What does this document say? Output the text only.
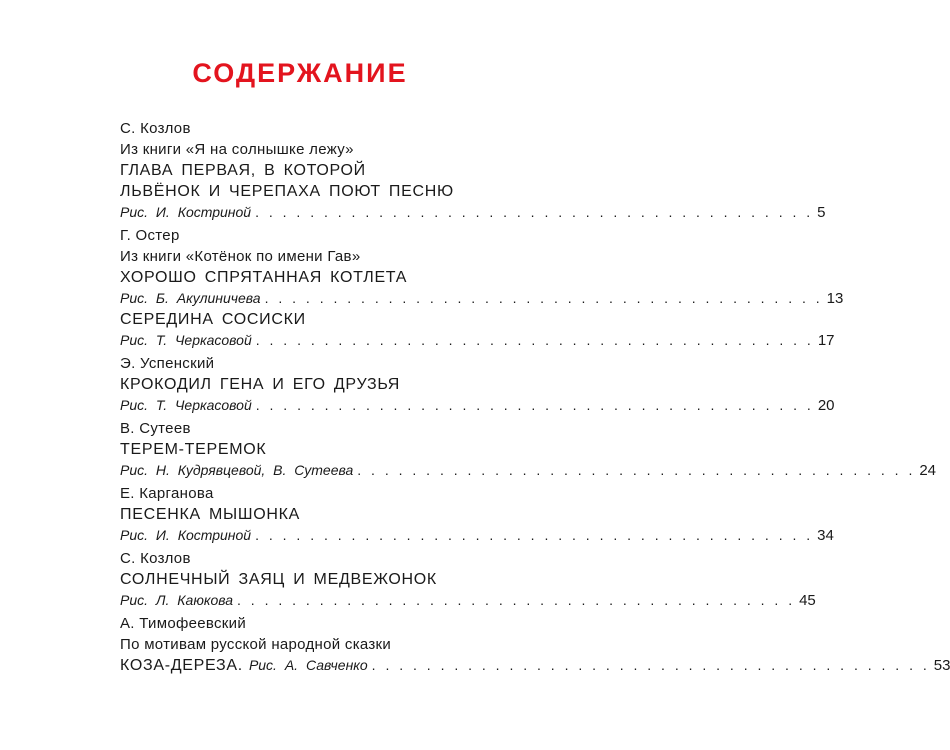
СОДЕРЖАНИЕ
С. Козлов
Из книги «Я на солнышке лежу»
ГЛАВА ПЕРВАЯ, В КОТОРОЙ
ЛЬВЁНОК И ЧЕРЕПАХА ПОЮТ ПЕСНЮ
Рис. И. Костриной . . . . . . . . . . . . . . . . . . . . . . . . . . . . . . . . . . . . . . . . . 5
Г. Остер
Из книги «Котёнок по имени Гав»
ХОРОШО СПРЯТАННАЯ КОТЛЕТА
Рис. Б. Акулиничева . . . . . . . . . . . . . . . . . . . . . . . . . . . . . . . . . . . . . . . . . 13
СЕРЕДИНА СОСИСКИ
Рис. Т. Черкасовой . . . . . . . . . . . . . . . . . . . . . . . . . . . . . . . . . . . . . . . . . 17
Э. Успенский
КРОКОДИЛ ГЕНА И ЕГО ДРУЗЬЯ
Рис. Т. Черкасовой . . . . . . . . . . . . . . . . . . . . . . . . . . . . . . . . . . . . . . . . . 20
В. Сутеев
ТЕРЕМ-ТЕРЕМОК
Рис. Н. Кудрявцевой, В. Сутеева . . . . . . . . . . . . . . . . . . . . . . . . . . . . . . . . . . . . . . . . . 24
Е. Карганова
ПЕСЕНКА МЫШОНКА
Рис. И. Костриной . . . . . . . . . . . . . . . . . . . . . . . . . . . . . . . . . . . . . . . . . 34
С. Козлов
СОЛНЕЧНЫЙ ЗАЯЦ И МЕДВЕЖОНОК
Рис. Л. Каюкова . . . . . . . . . . . . . . . . . . . . . . . . . . . . . . . . . . . . . . . . . 45
А. Тимофеевский
По мотивам русской народной сказки
КОЗА-ДЕРЕЗА. Рис. А. Савченко . . . . . . . . . . . . . . . . . . . . . . . . . . . . . . . . . . . . . . . . . 53
